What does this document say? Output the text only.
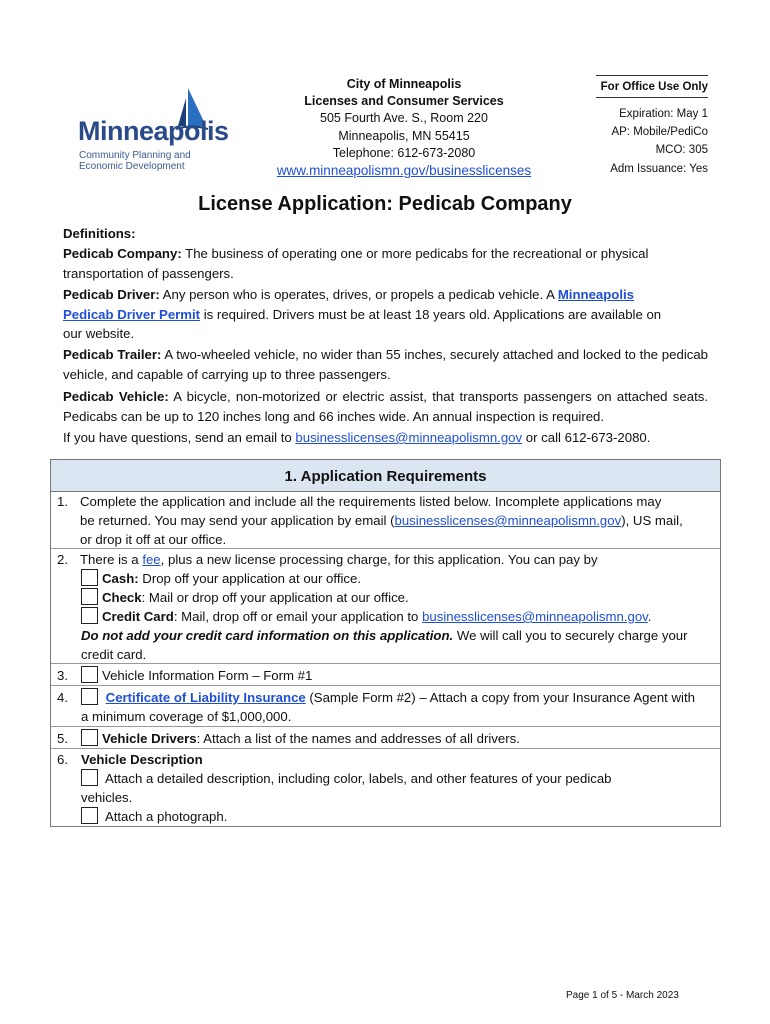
Minneapolis
Community Planning and
Economic Development
City of Minneapolis
Licenses and Consumer Services
505 Fourth Ave. S., Room 220
Minneapolis, MN 55415
Telephone: 612-673-2080
www.minneapolismn.gov/businesslicenses
For Office Use Only
Expiration: May 1
AP: Mobile/PediCo
MCO: 305
Adm Issuance: Yes
License Application: Pedicab Company
Definitions:
Pedicab Company: The business of operating one or more pedicabs for the recreational or physical
transportation of passengers.
Pedicab Driver: Any person who is operates, drives, or propels a pedicab vehicle. A Minneapolis
Pedicab Driver Permit is required. Drivers must be at least 18 years old. Applications are available on
our website.
Pedicab Trailer: A two-wheeled vehicle, no wider than 55 inches, securely attached and locked to the pedicab vehicle, and capable of carrying up to three passengers.
Pedicab Vehicle: A bicycle, non-motorized or electric assist, that transports passengers on attached seats. Pedicabs can be up to 120 inches long and 66 inches wide. An annual inspection is required.
If you have questions, send an email to businesslicenses@minneapolismn.gov or call 612-673-2080.
1. Application Requirements
1. Complete the application and include all the requirements listed below. Incomplete applications may
be returned. You may send your application by email (businesslicenses@minneapolismn.gov), US mail,
or drop it off at our office.
2. There is a fee, plus a new license processing charge, for this application. You can pay by
Cash: Drop off your application at our office.
Check: Mail or drop off your application at our office.
Credit Card: Mail, drop off or email your application to businesslicenses@minneapolismn.gov.
Do not add your credit card information on this application. We will call you to securely charge your
credit card.
3.	Vehicle Information Form – Form #1
4.	Certificate of Liability Insurance (Sample Form #2) – Attach a copy from your Insurance Agent with
a minimum coverage of $1,000,000.
5.	Vehicle Drivers: Attach a list of the names and addresses of all drivers.
6. Vehicle Description
Attach a detailed description, including color, labels, and other features of your pedicab
vehicles.
Attach a photograph.
Page 1 of 5 - March 2023
